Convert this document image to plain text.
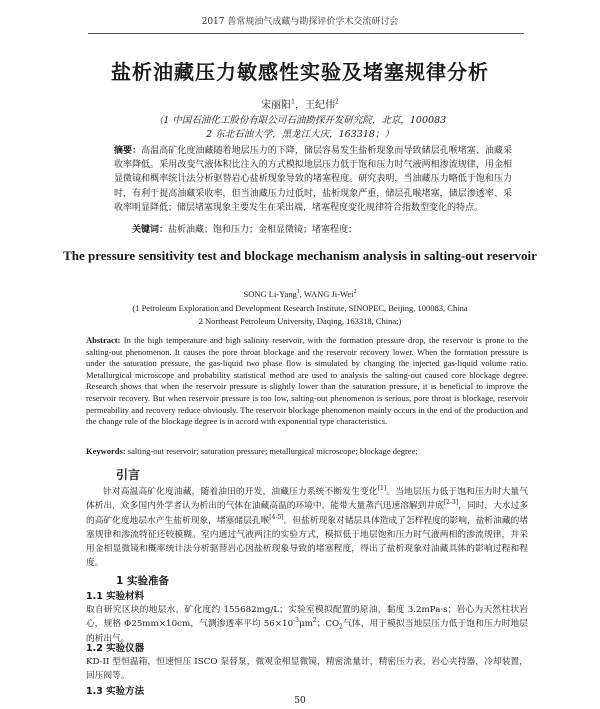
2017 普常规油气成藏与勘探评价学术交流研讨会
盐析油藏压力敏感性实验及堵塞规律分析
宋丽阳$^1$，王纪伟$^2$
（1 中国石油化工股份有限公司石油勘探开发研究院，北京，100083
2 东北石油大学，黑龙江大庆，163318；）
摘要：高温高矿化度油藏随着地层压力的下降，储层容易发生盐析现象而导致储层孔喉堵塞、油藏采收率降低。采用改变气液体积比注入的方式模拟地层压力低于饱和压力时气液两相渗流规律，用金相显微镜和概率统计法分析驱替岩心盐析现象导致的堵塞程度。研究表明，当油藏压力略低于饱和压力时，有利于提高油藏采收率，但当油藏压力过低时，盐析现象严重，储层孔喉堵塞，储层渗透率、采收率明显降低；储层堵塞现象主要发生在采出端，堵塞程度变化规律符合指数型变化的特点。
关键词：盐析油藏；饱和压力；金相显微镜；堵塞程度；
The pressure sensitivity test and blockage mechanism analysis in salting-out reservoir
SONG Li-Yang$^1$, WANG Ji-Wei$^2$
(1 Petroleum Exploration and Development Research Institute, SINOPEC, Beijing, 100083, China
2 Northeast Petroleum University, Daqing, 163318, China;)
Abstract: In the high temperature and high salinity reservoir, with the formation pressure drop, the reservoir is prone to the salting-out phenomenon. It causes the pore throat blockage and the reservoir recovery lower. When the formation pressure is under the saturation pressure, the gas-liquid two phase flow is simulated by changing the injected gas-liquid volume ratio. Metallurgical microscope and probability statistical method are used to analysis the salting-out caused core blockage degree. Research shows that when the reservoir pressure is slightly lower than the saturation pressure, it is beneficial to improve the reservoir recovery. But when reservoir pressure is too low, salting-out phenomenon is serious, pore throat is blockage, reservoir permeability and recovery reduce obviously. The reservoir blockage phenomenon mainly occurs in the end of the production and the change rule of the blockage degree is in accord with exponential type characteristics.
Keywords: salting-out reservoir; saturation pressure; metallurgical microscope; blockage degree;
引言
针对高温高矿化度油藏，随着油田的开发，油藏压力系统不断发生变化[1]。当地层压力低于饱和压力时大量气体析出，众多国内外学者认为析出的气体在油藏高温的环境中，能带大量蒸汽迅速溶解到井底[2-3]，同时，大水过多的高矿化度地层水产生盐析现象，堵塞储层孔喉[4-5]。但盐析现象对储层具体造成了怎样程度的影响，盐析油藏的堵塞规律和渗流特征还较模糊。室内通过气液两注的实验方式，模拟低于地层饱和压力时气液两相的渗流规律，并采用金相显微镜和概率统计法分析驱替岩心因盐析现象导致的堵塞程度，得出了盐析现象对油藏具体的影响过程和程度。
1 实验准备
1.1 实验材料
取自研究区块的地层水，矿化度约 155682mg/L；实验室模拟配置的原油，黏度 3.2mPa·s；岩心为天然柱状岩心，规格 Φ25mm×10cm，气测渗透率平均 $56\times 10^{-3}\mu m^2$；$CO_2$气体，用于模拟当地层压力低于饱和压力时地层的析出气。
1.2 实验仪器
KD-II 型恒温箱，恒速恒压 ISCO 泵替泵，微观金相显微镜，精密流量计，精密压力表，岩心夹持器，冷却装置，回压阀等。
1.3 实验方法
50
